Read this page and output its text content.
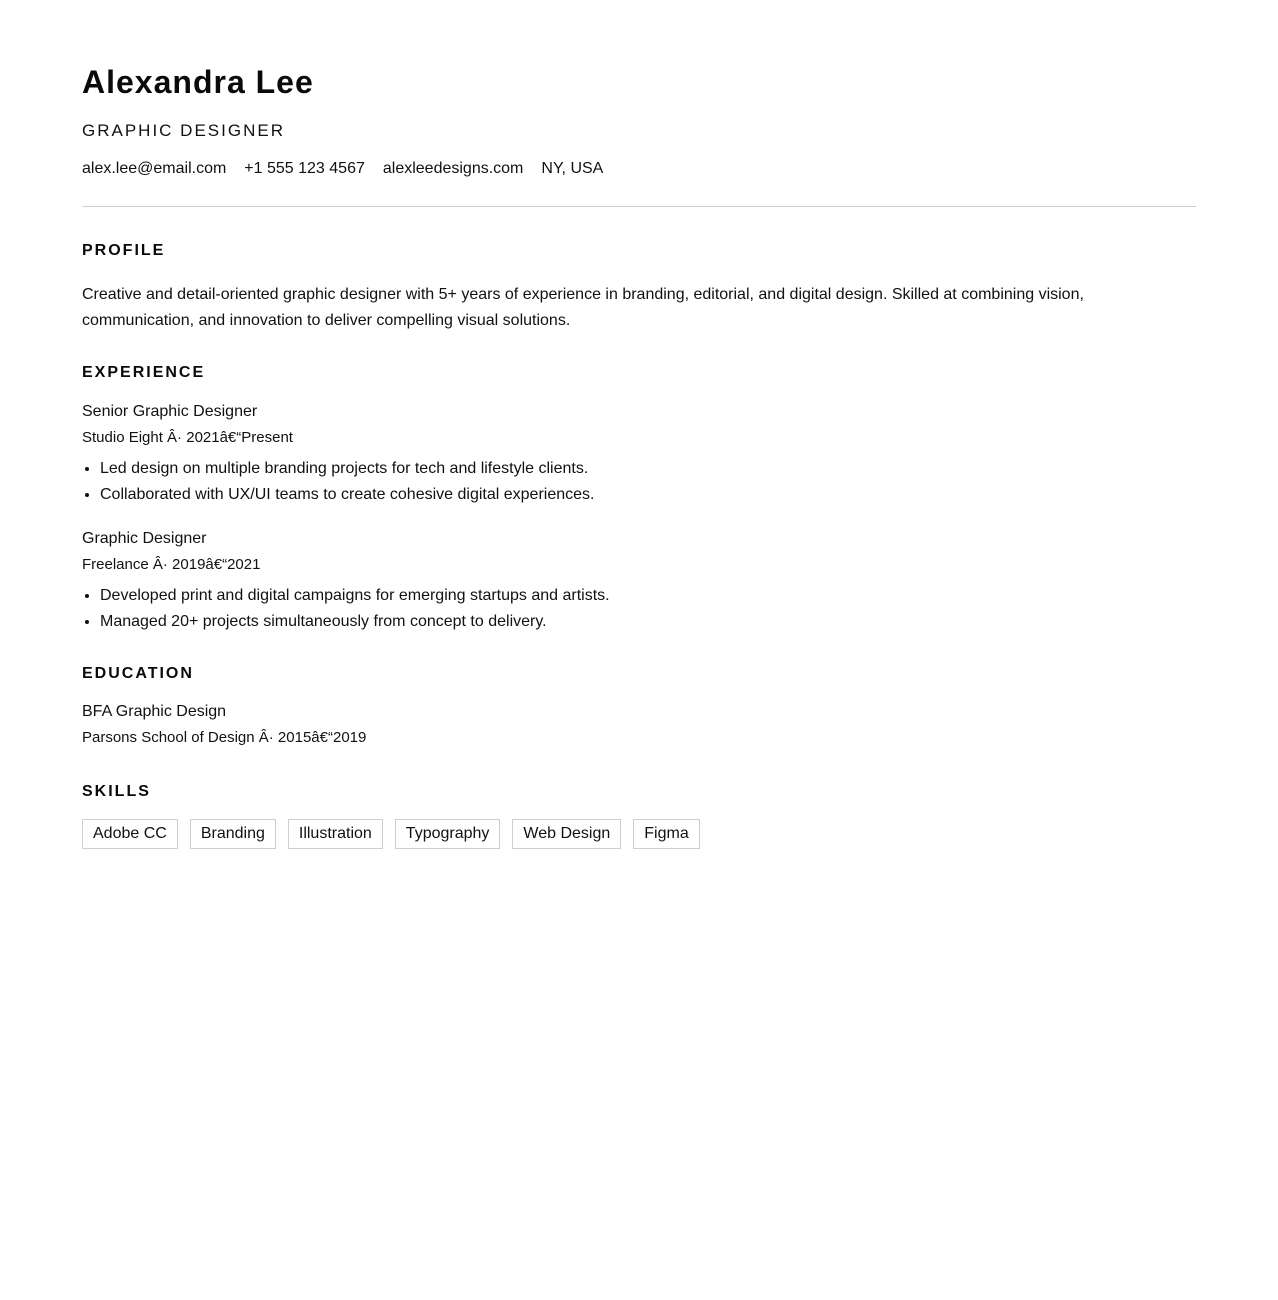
Alexandra Lee
GRAPHIC DESIGNER
alex.lee@email.com +1 555 123 4567 alexleedesigns.com NY, USA
PROFILE
Creative and detail-oriented graphic designer with 5+ years of experience in branding, editorial, and digital design. Skilled at combining vision, communication, and innovation to deliver compelling visual solutions.
EXPERIENCE
Senior Graphic Designer
Studio Eight Â· 2021â€“Present
• Led design on multiple branding projects for tech and lifestyle clients.
• Collaborated with UX/UI teams to create cohesive digital experiences.
Graphic Designer
Freelance Â· 2019â€“2021
• Developed print and digital campaigns for emerging startups and artists.
• Managed 20+ projects simultaneously from concept to delivery.
EDUCATION
BFA Graphic Design
Parsons School of Design Â· 2015â€“2019
SKILLS
Adobe CC	Branding	Illustration	Typography	Web Design	Figma
